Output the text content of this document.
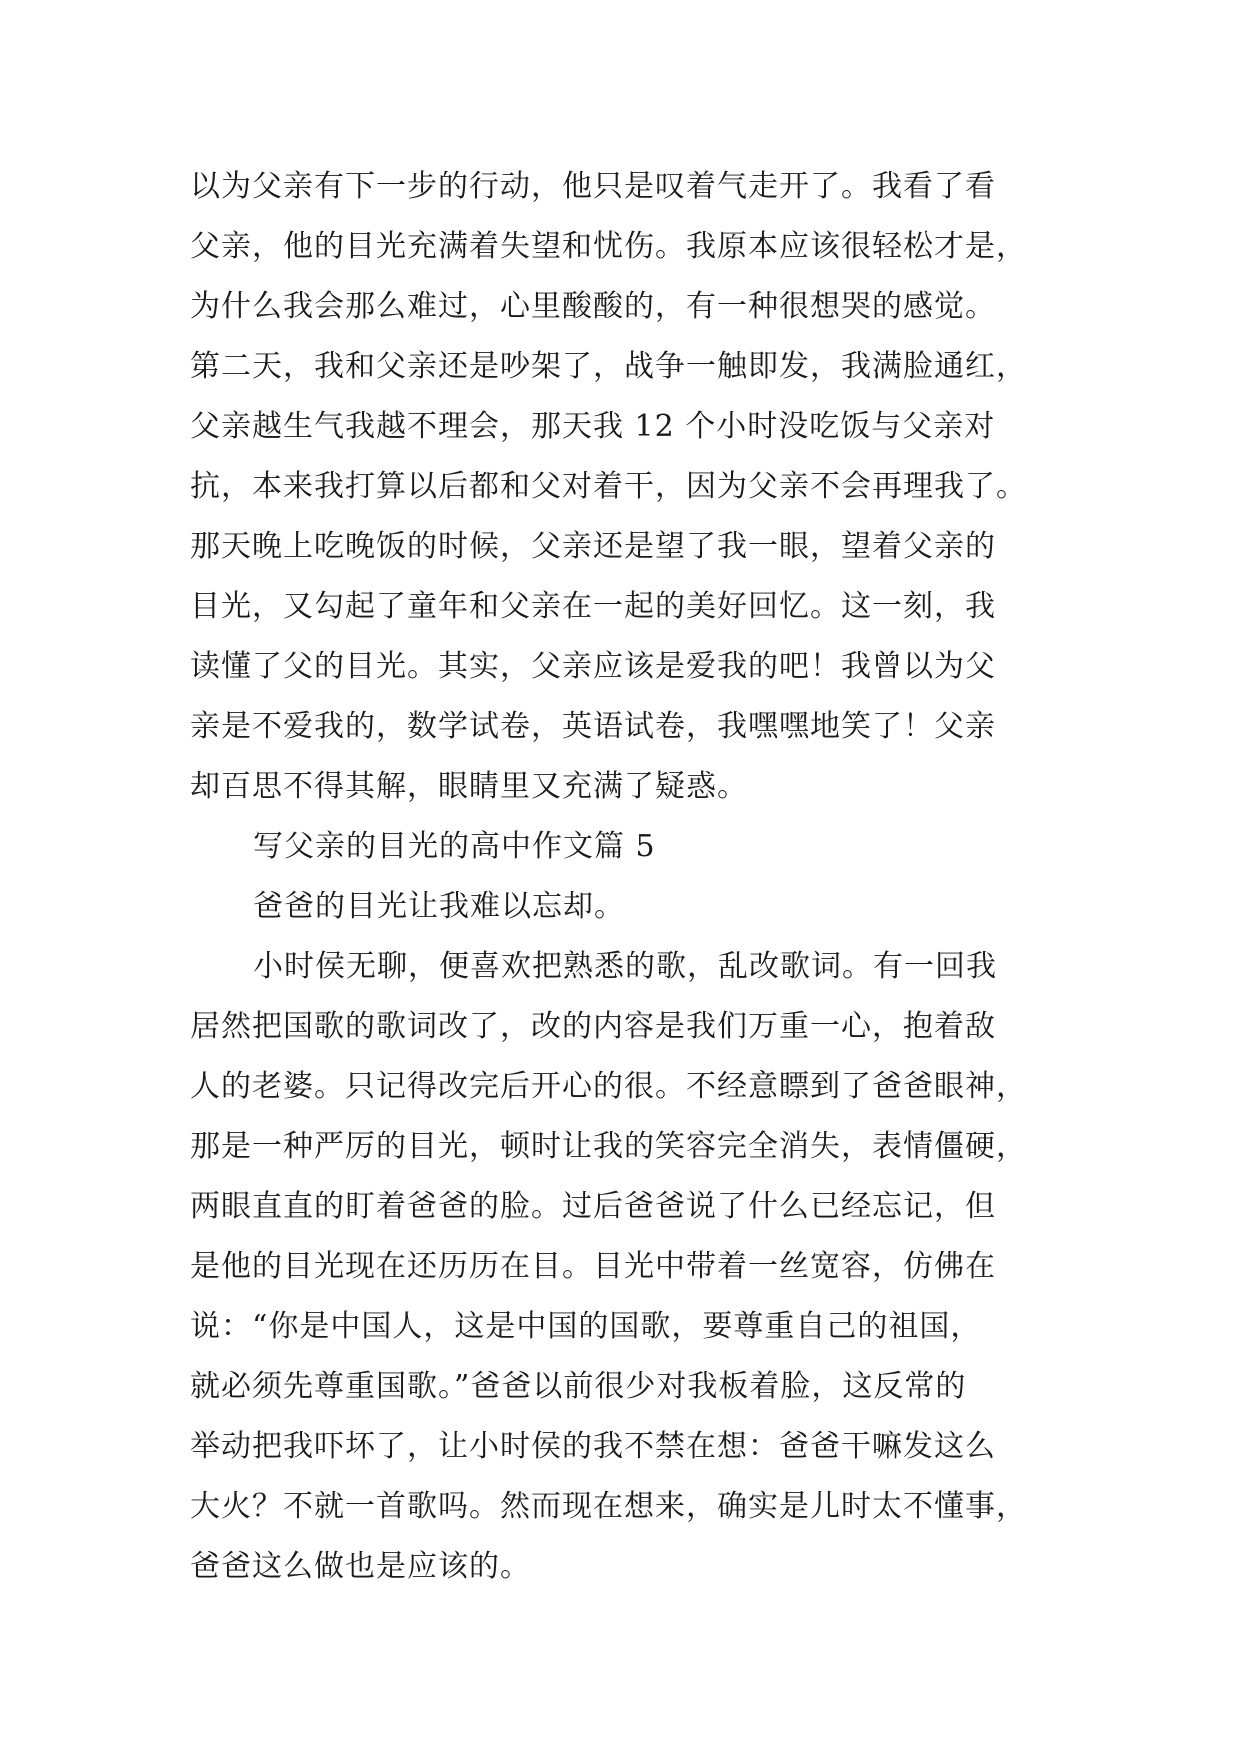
以为父亲有下一步的行动，他只是叹着气走开了。我看了看
父亲，他的目光充满着失望和忧伤。我原本应该很轻松才是，
为什么我会那么难过，心里酸酸的，有一种很想哭的感觉。
第二天，我和父亲还是吵架了，战争一触即发，我满脸通红，
父亲越生气我越不理会，那天我 12 个小时没吃饭与父亲对
抗，本来我打算以后都和父对着干，因为父亲不会再理我了。
那天晚上吃晚饭的时候，父亲还是望了我一眼，望着父亲的
目光，又勾起了童年和父亲在一起的美好回忆。这一刻，我
读懂了父的目光。其实，父亲应该是爱我的吧！我曾以为父
亲是不爱我的，数学试卷，英语试卷，我嘿嘿地笑了！父亲
却百思不得其解，眼睛里又充满了疑惑。
写父亲的目光的高中作文篇 5
爸爸的目光让我难以忘却。
小时侯无聊，便喜欢把熟悉的歌，乱改歌词。有一回我
居然把国歌的歌词改了，改的内容是我们万重一心，抱着敌
人的老婆。只记得改完后开心的很。不经意瞟到了爸爸眼神，
那是一种严厉的目光，顿时让我的笑容完全消失，表情僵硬，
两眼直直的盯着爸爸的脸。过后爸爸说了什么已经忘记，但
是他的目光现在还历历在目。目光中带着一丝宽容，仿佛在
说：“你是中国人，这是中国的国歌，要尊重自己的祖国，
就必须先尊重国歌。”爸爸以前很少对我板着脸，这反常的
举动把我吓坏了，让小时侯的我不禁在想：爸爸干嘛发这么
大火？不就一首歌吗。然而现在想来，确实是儿时太不懂事，
爸爸这么做也是应该的。
